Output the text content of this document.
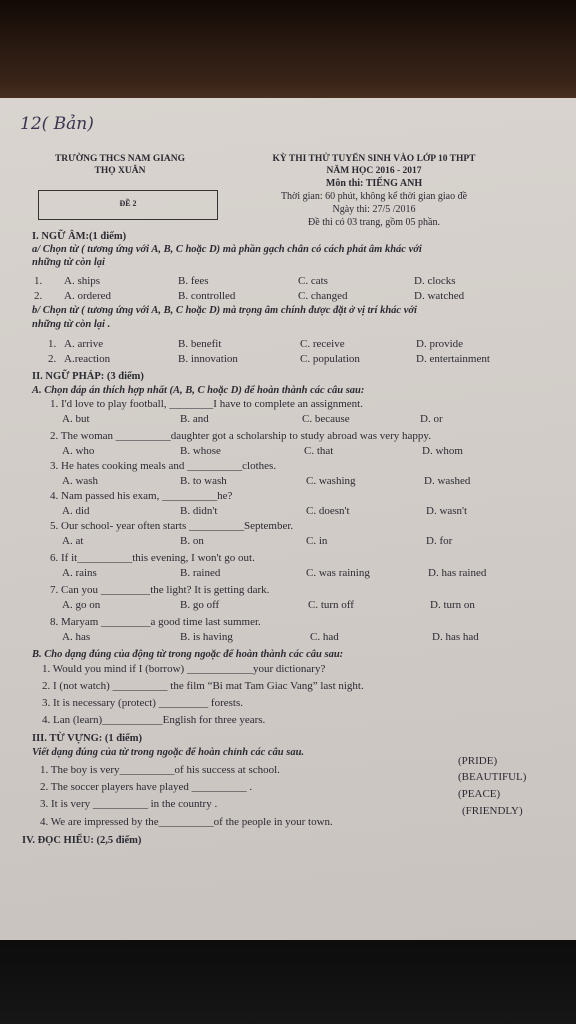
12( Bản)
TRƯỜNG THCS NAM GIANG
THỌ XUÂN
KỲ THI THỬ TUYỂN SINH VÀO LỚP 10 THPT
NĂM HỌC 2016 - 2017
Môn thi: TIẾNG ANH
Thời gian: 60 phút, không kể thời gian giao đề
Ngày thi: 27/5 /2016
Đề thi có 03 trang, gồm 05 phần.
ĐỀ 2
I. NGỮ ÂM:(1 điểm)
a/ Chọn từ ( tương ứng với A, B, C hoặc D) mà phần gạch chân có cách phát âm khác với
những từ còn lại
1. A. ships	B. fees	C. cats	D. clocks
2. A. ordered	B. controlled	C. changed	D. watched
b/ Chọn từ ( tương ứng với A, B, C hoặc D) mà trọng âm chính được đặt ở vị trí khác với
những từ còn lại .
1. A. arrive	B. benefit	C. receive	D. provide
2. A.reaction	B. innovation	C. population	D. entertainment
II. NGỮ PHÁP: (3 điểm)
A. Chọn đáp án thích hợp nhất (A, B, C hoặc D) để hoàn thành các câu sau:
1. I'd love to play football, ________I have to complete an assignment.
A. but	B. and	C. because	D. or
2. The woman __________daughter got a scholarship to study abroad was very happy.
A. who	B. whose	C. that	D. whom
3. He hates cooking meals and __________clothes.
A. wash	B. to wash	C. washing	D. washed
4. Nam passed his exam, __________he?
A. did	B. didn't	C. doesn't	D. wasn't
5. Our school- year often starts __________September.
A. at	B. on	C. in	D. for
6. If it__________this evening, I won't go out.
A. rains	B. rained	C. was raining	D. has rained
7. Can you _________the light? It is getting dark.
A. go on	B. go off	C. turn off	D. turn on
8. Maryam _________a good time last summer.
A. has	B. is having	C. had	D. has had
B. Cho dạng đúng của động từ trong ngoặc để hoàn thành các câu sau:
1. Would you mind if I (borrow) ____________your dictionary?
2. I (not watch) __________ the film “Bi mat Tam Giac Vang” last night.
3. It is necessary (protect) _________ forests.
4. Lan (learn)___________English for three years.
III. TỪ VỰNG: (1 điểm)
Viết dạng đúng của từ trong ngoặc để hoàn chỉnh các câu sau.
1. The boy is very__________of his success at school.
(PRIDE)
2. The soccer players have played __________ .
(BEAUTIFUL)
3. It is very __________ in the country .
(PEACE)
4. We are impressed by the__________of the people in your town.
(FRIENDLY)
IV. ĐỌC HIỂU: (2,5 điểm)
